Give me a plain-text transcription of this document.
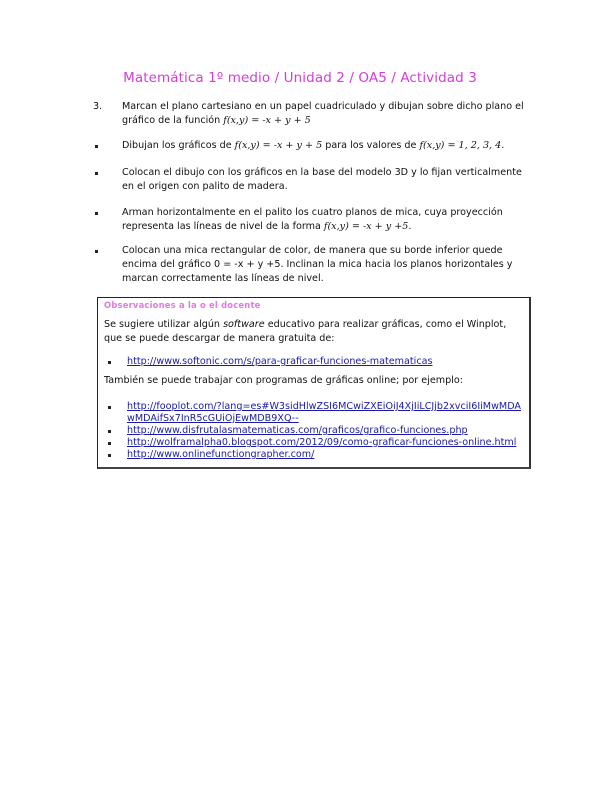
Matemática 1º medio / Unidad 2 / OA5 / Actividad 3
3.	Marcan el plano cartesiano en un papel cuadriculado y dibujan sobre dicho plano el gráfico de la función f(x,y) = -x + y + 5
Dibujan los gráficos de f(x,y) = -x + y + 5 para los valores de f(x,y) = 1, 2, 3, 4.
Colocan el dibujo con los gráficos en la base del modelo 3D y lo fijan verticalmente en el origen con palito de madera.
Arman horizontalmente en el palito los cuatro planos de mica, cuya proyección representa las líneas de nivel de la forma f(x,y) = -x + y +5.
Colocan una mica rectangular de color, de manera que su borde inferior quede encima del gráfico 0 = -x + y +5. Inclinan la mica hacia los planos horizontales y marcan correctamente las líneas de nivel.
Observaciones a la o el docente
Se sugiere utilizar algún software educativo para realizar gráficas, como el Winplot, que se puede descargar de manera gratuita de:
http://www.softonic.com/s/para-graficar-funciones-matematicas
También se puede trabajar con programas de gráficas online; por ejemplo:
http://fooplot.com/?lang=es#W3sidHlwZSI6MCwiZXEiOiJ4XjIiLCJjb2xvciI6IiMwMDAwMDAifSx7InR5cGUiOjEwMDB9XQ--
http://www.disfrutalasmatematicas.com/graficos/grafico-funciones.php
http://wolframalpha0.blogspot.com/2012/09/como-graficar-funciones-online.html
http://www.onlinefunctiongrapher.com/
